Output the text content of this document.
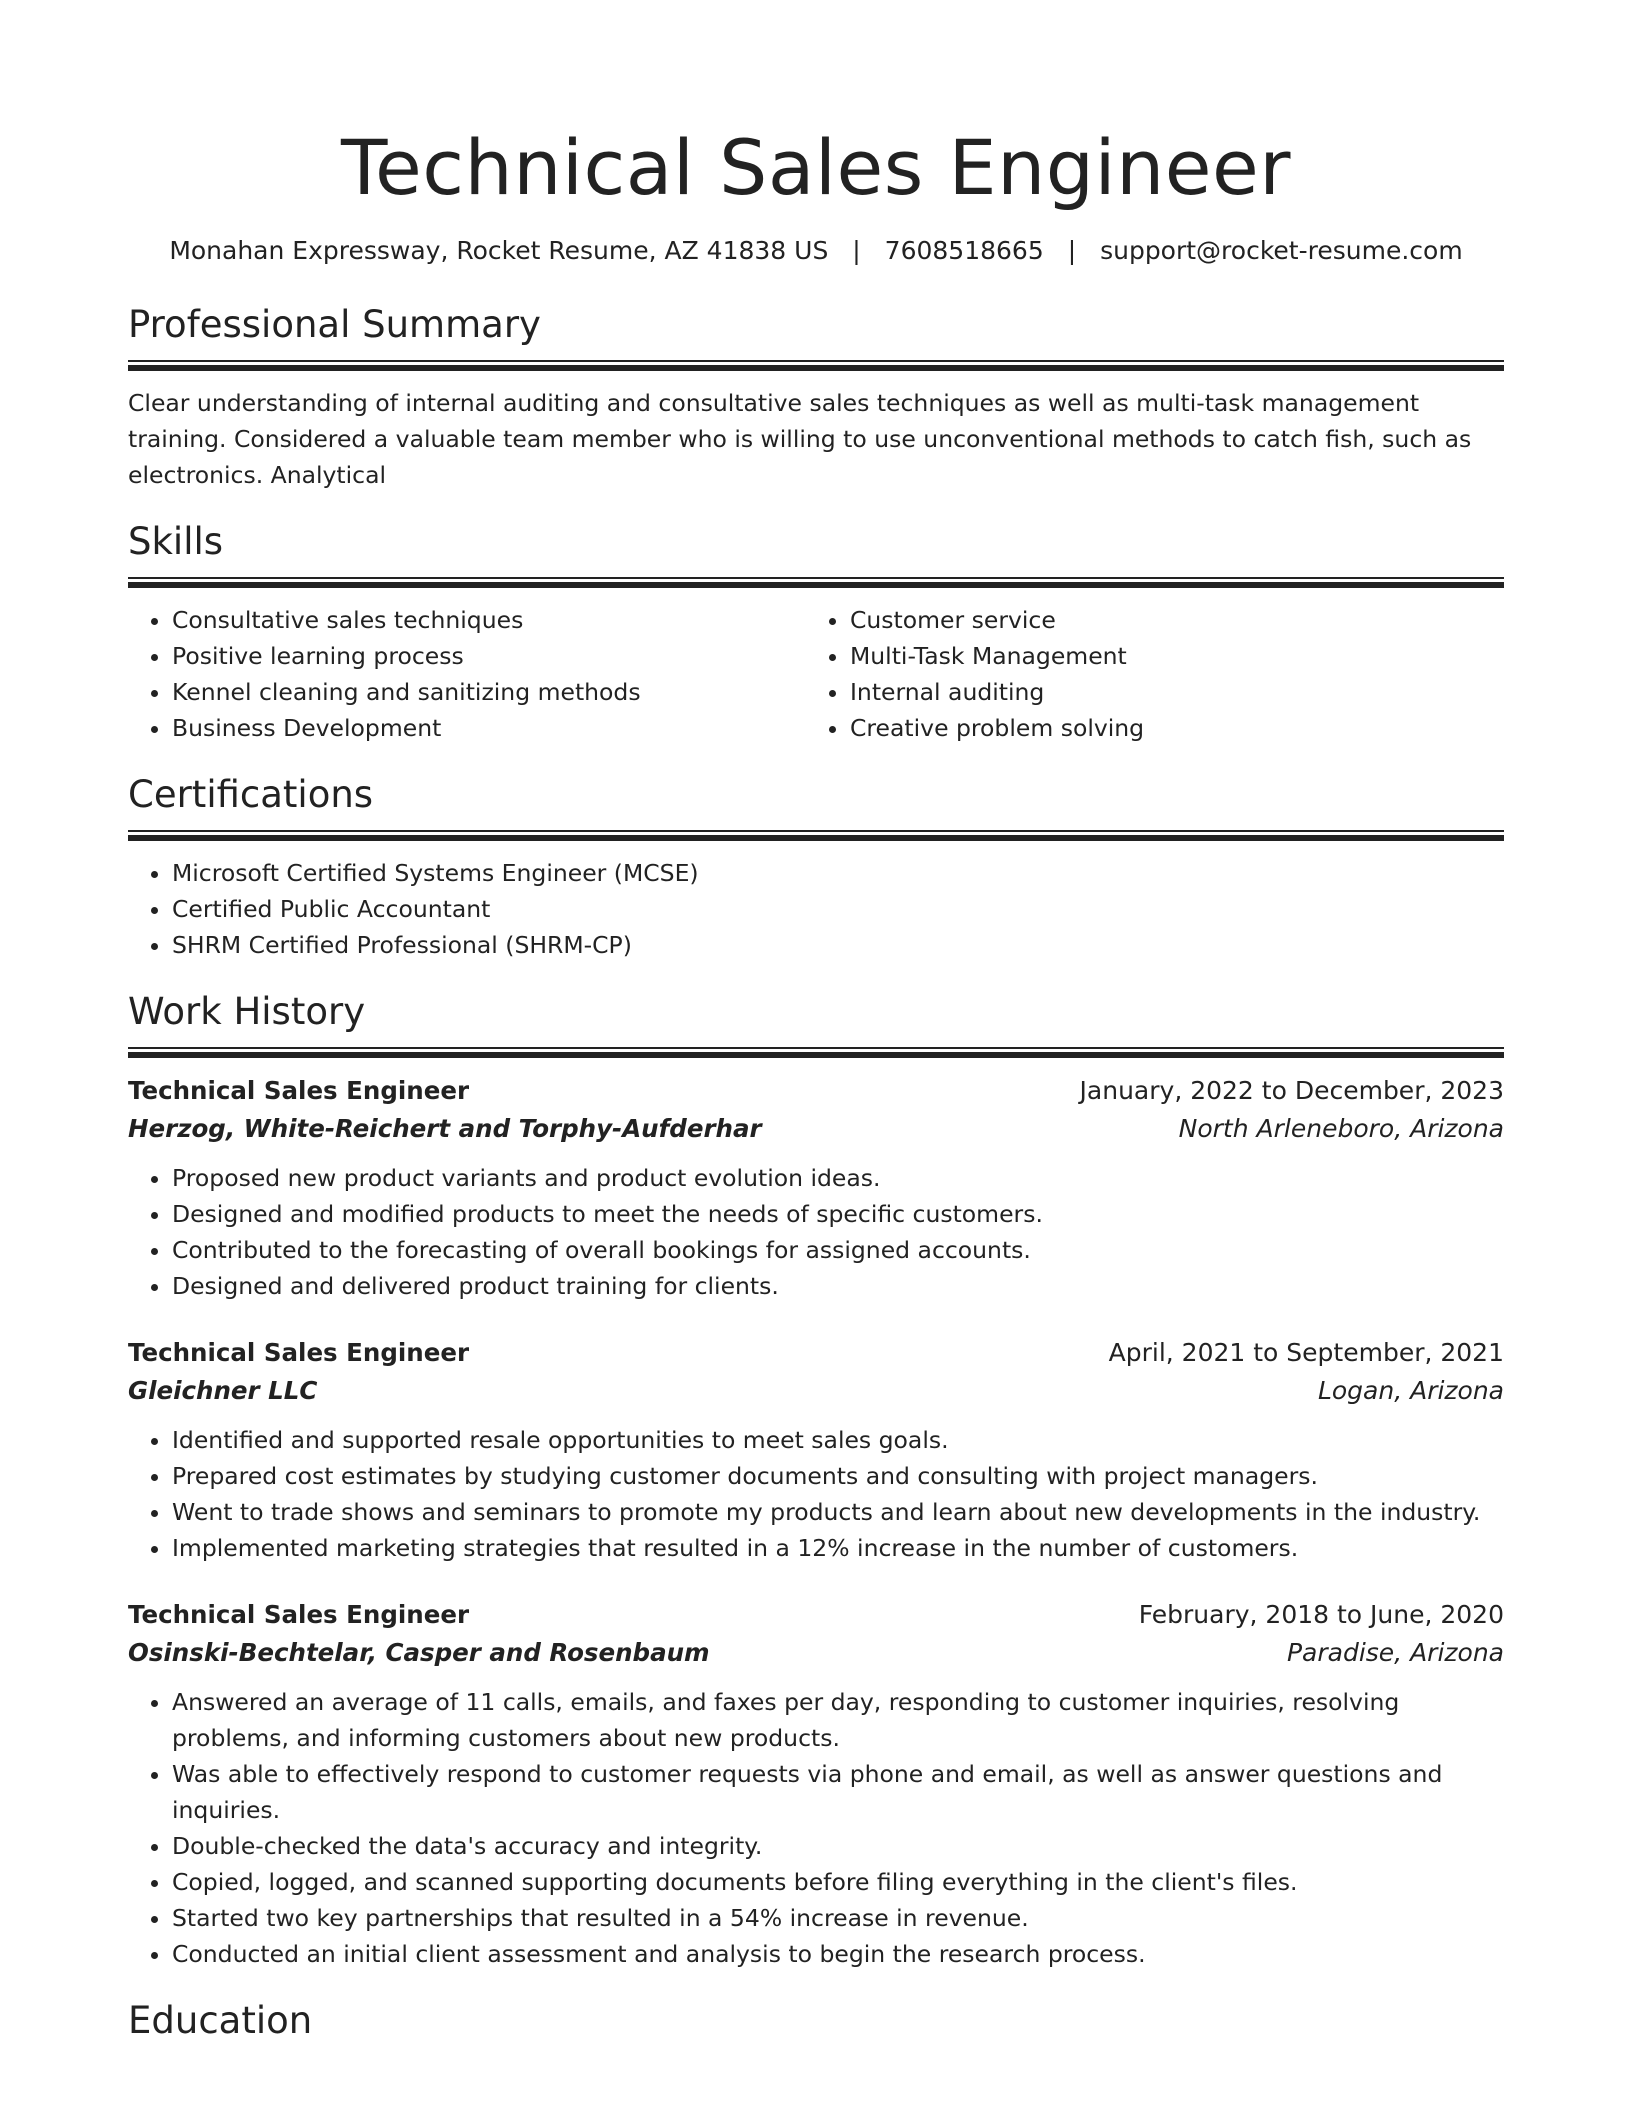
Technical Sales Engineer
Monahan Expressway, Rocket Resume, AZ 41838 US | 7608518665 | support@rocket-resume.com
Professional Summary
Clear understanding of internal auditing and consultative sales techniques as well as multi-task management training. Considered a valuable team member who is willing to use unconventional methods to catch fish, such as electronics. Analytical
Skills
• Consultative sales techniques
• Positive learning process
• Kennel cleaning and sanitizing methods
• Business Development
• Customer service
• Multi-Task Management
• Internal auditing
• Creative problem solving
Certifications
• Microsoft Certified Systems Engineer (MCSE)
• Certified Public Accountant
• SHRM Certified Professional (SHRM-CP)
Work History
Technical Sales Engineer	January, 2022 to December, 2023
Herzog, White-Reichert and Torphy-Aufderhar	North Arleneboro, Arizona
• Proposed new product variants and product evolution ideas.
• Designed and modified products to meet the needs of specific customers.
• Contributed to the forecasting of overall bookings for assigned accounts.
• Designed and delivered product training for clients.
Technical Sales Engineer	April, 2021 to September, 2021
Gleichner LLC	Logan, Arizona
• Identified and supported resale opportunities to meet sales goals.
• Prepared cost estimates by studying customer documents and consulting with project managers.
• Went to trade shows and seminars to promote my products and learn about new developments in the industry.
• Implemented marketing strategies that resulted in a 12% increase in the number of customers.
Technical Sales Engineer	February, 2018 to June, 2020
Osinski-Bechtelar, Casper and Rosenbaum	Paradise, Arizona
• Answered an average of 11 calls, emails, and faxes per day, responding to customer inquiries, resolving problems, and informing customers about new products.
• Was able to effectively respond to customer requests via phone and email, as well as answer questions and inquiries.
• Double-checked the data's accuracy and integrity.
• Copied, logged, and scanned supporting documents before filing everything in the client's files.
• Started two key partnerships that resulted in a 54% increase in revenue.
• Conducted an initial client assessment and analysis to begin the research process.
Education
